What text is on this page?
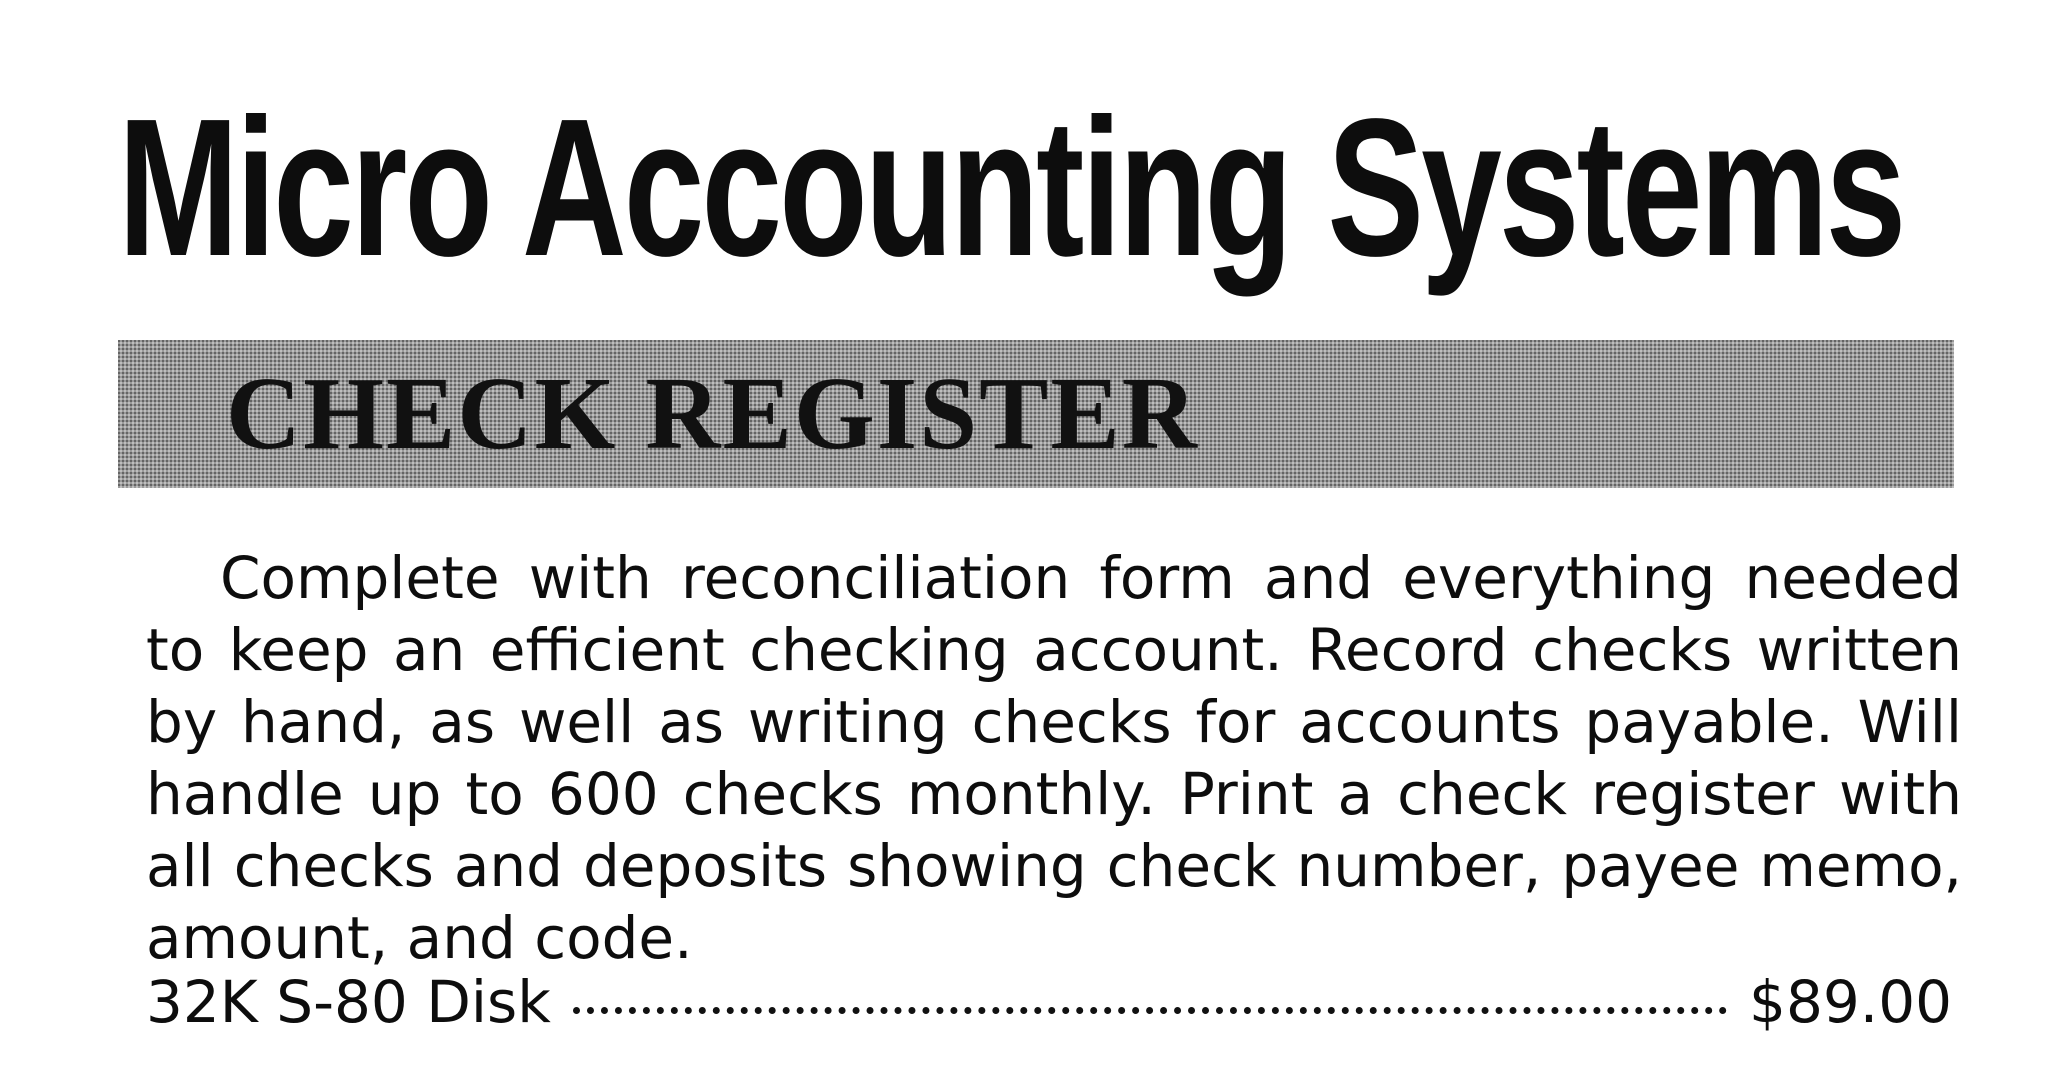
Micro Accounting Systems
CHECK REGISTER

Complete with reconciliation form and everything needed to keep an efficient checking account. Record checks written by hand, as well as writing checks for accounts payable. Will handle up to 600 checks monthly. Print a check register with all checks and deposits showing check number, payee memo, amount, and code.

32K S-80 Disk	$89.00
